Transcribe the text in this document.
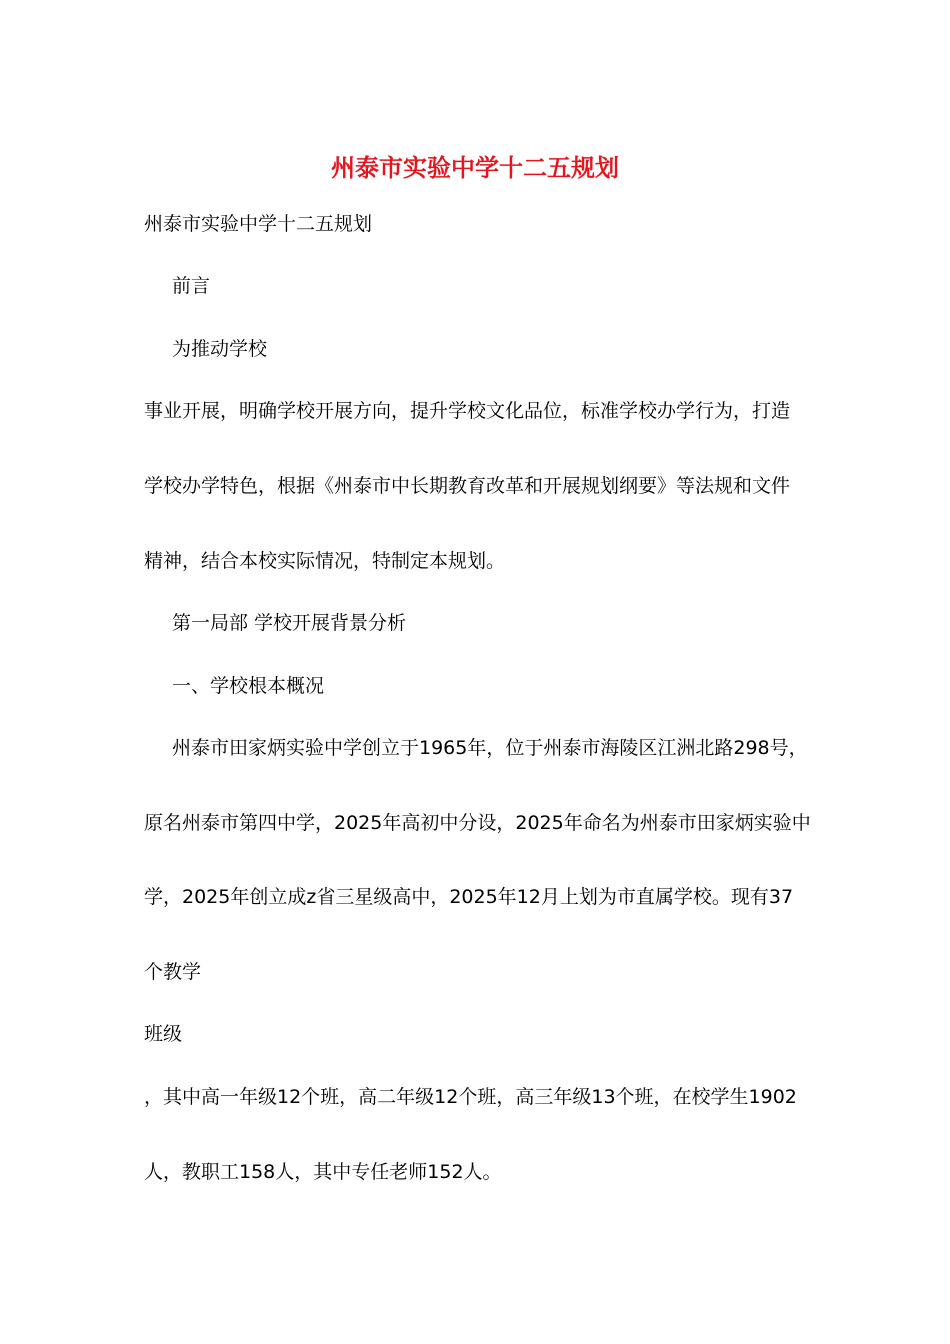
州泰市实验中学十二五规划
州泰市实验中学十二五规划
前言
为推动学校
事业开展，明确学校开展方向，提升学校文化品位，标准学校办学行为，打造
学校办学特色，根据《州泰市中长期教育改革和开展规划纲要》等法规和文件
精神，结合本校实际情况，特制定本规划。
第一局部 学校开展背景分析
一、学校根本概况
州泰市田家炳实验中学创立于1965年，位于州泰市海陵区江洲北路298号，
原名州泰市第四中学，2025年高初中分设，2025年命名为州泰市田家炳实验中
学，2025年创立成z省三星级高中，2025年12月上划为市直属学校。现有37
个教学
班级
，其中高一年级12个班，高二年级12个班，高三年级13个班，在校学生1902
人，教职工158人，其中专任老师152人。
